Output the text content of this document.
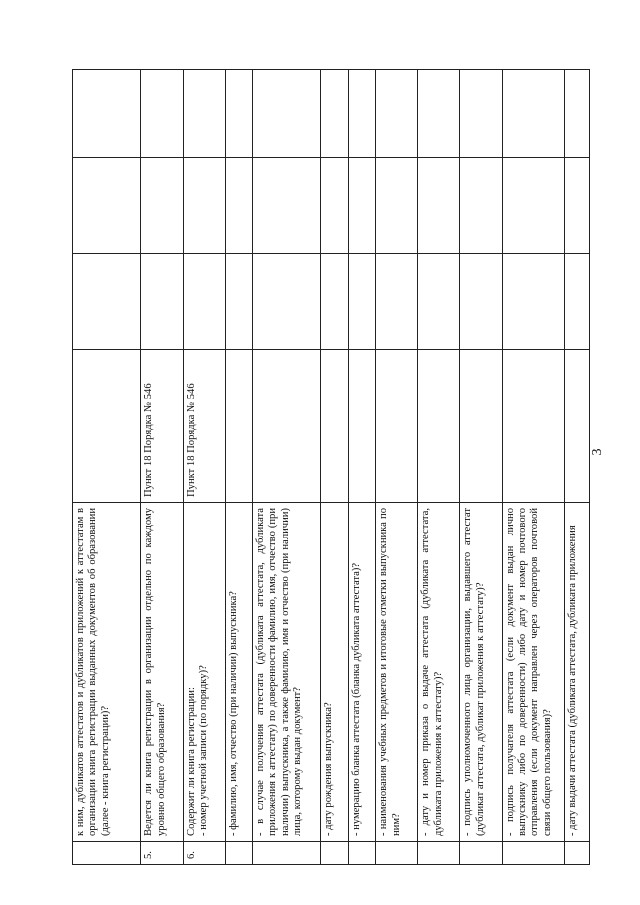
3
	к ним, дубликатов аттестатов и дубликатов приложений к аттестатам в организации книга регистрации выданных документов об образовании (далее - книга регистрации)?				
5.	Ведется ли книга регистрации в организации отдельно по каждому уровню общего образования?	Пункт 18 Порядка № 546			
6.	Содержит ли книга регистрации:
- номер учетной записи (по порядку)?	Пункт 18 Порядка № 546			
	- фамилию, имя, отчество (при наличии) выпускника?				
	- в случае получения аттестата (дубликата аттестата, дубликата приложения к аттестату) по доверенности фамилию, имя, отчество (при наличии) выпускника, а также фамилию, имя и отчество (при наличии) лица, которому выдан документ?				
	- дату рождения выпускника?				
	- нумерацию бланка аттестата (бланка дубликата аттестата)?				
	- наименования учебных предметов и итоговые отметки выпускника по ним?				
	- дату и номер приказа о выдаче аттестата (дубликата аттестата, дубликата приложения к аттестату)?				
	- подпись уполномоченного лица организации, выдавшего аттестат (дубликат аттестата, дубликат приложения к аттестату)?				
	- подпись получателя аттестата (если документ выдан лично выпускнику либо по доверенности) либо дату и номер почтового отправления (если документ направлен через операторов почтовой связи общего пользования)?				
	- дату выдачи аттестата (дубликата аттестата, дубликата приложения				
